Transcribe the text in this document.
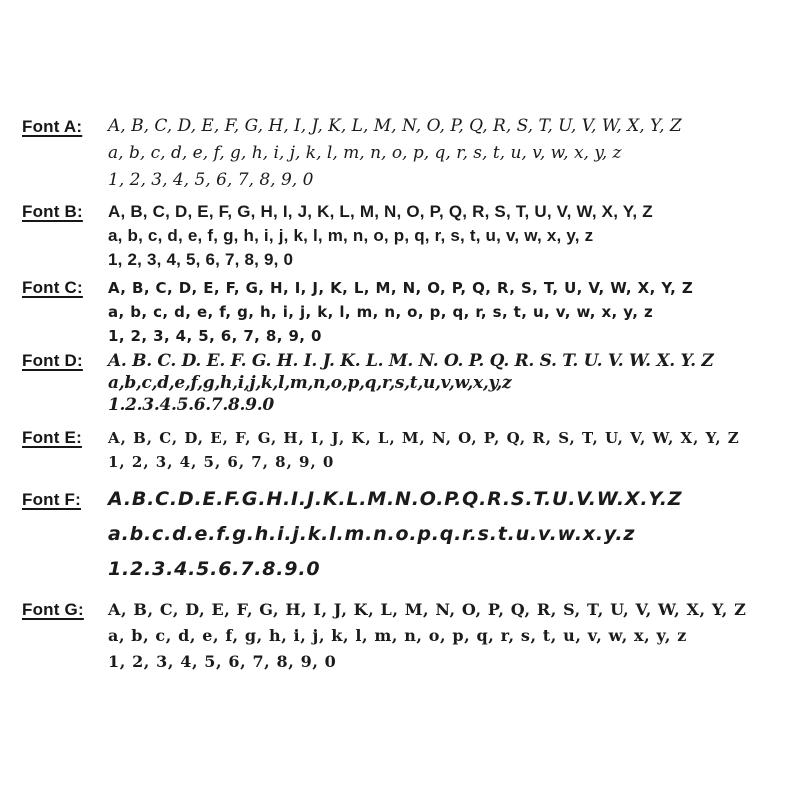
Font A:	A, B, C, D, E, F, G, H, I, J, K, L, M, N, O, P, Q, R, S, T, U, V, W, X, Y, Z
a, b, c, d, e, f, g, h, i, j, k, l, m, n, o, p, q, r, s, t, u, v, w, x, y, z
1, 2, 3, 4, 5, 6, 7, 8, 9, 0
Font B:	A, B, C, D, E, F, G, H, I, J, K, L, M, N, O, P, Q, R, S, T, U, V, W, X, Y, Z
a, b, c, d, e, f, g, h, i, j, k, l, m, n, o, p, q, r, s, t, u, v, w, x, y, z
1, 2, 3, 4, 5, 6, 7, 8, 9, 0
Font C:	A, B, C, D, E, F, G, H, I, J, K, L, M, N, O, P, Q, R, S, T, U, V, W, X, Y, Z
a, b, c, d, e, f, g, h, i, j, k, l, m, n, o, p, q, r, s, t, u, v, w, x, y, z
1, 2, 3, 4, 5, 6, 7, 8, 9, 0
Font D:	A. B. C. D. E. F. G. H. I. J. K. L. M. N. O. P. Q. R. S. T. U. V. W. X. Y. Z
a,b,c,d,e,f,g,h,i,j,k,l,m,n,o,p,q,r,s,t,u,v,w,x,y,z
1.2.3.4.5.6.7.8.9.0
Font E:	A, B, C, D, E, F, G, H, I, J, K, L, M, N, O, P, Q, R, S, T, U, V, W, X, Y, Z
1, 2, 3, 4, 5, 6, 7, 8, 9, 0
Font F:	A.B.C.D.E.F.G.H.I.J.K.L.M.N.O.P.Q.R.S.T.U.V.W.X.Y.Z
a.b.c.d.e.f.g.h.i.j.k.l.m.n.o.p.q.r.s.t.u.v.w.x.y.z
1.2.3.4.5.6.7.8.9.0
Font G:	A, B, C, D, E, F, G, H, I, J, K, L, M, N, O, P, Q, R, S, T, U, V, W, X, Y, Z
a, b, c, d, e, f, g, h, i, j, k, l, m, n, o, p, q, r, s, t, u, v, w, x, y, z
1, 2, 3, 4, 5, 6, 7, 8, 9, 0
